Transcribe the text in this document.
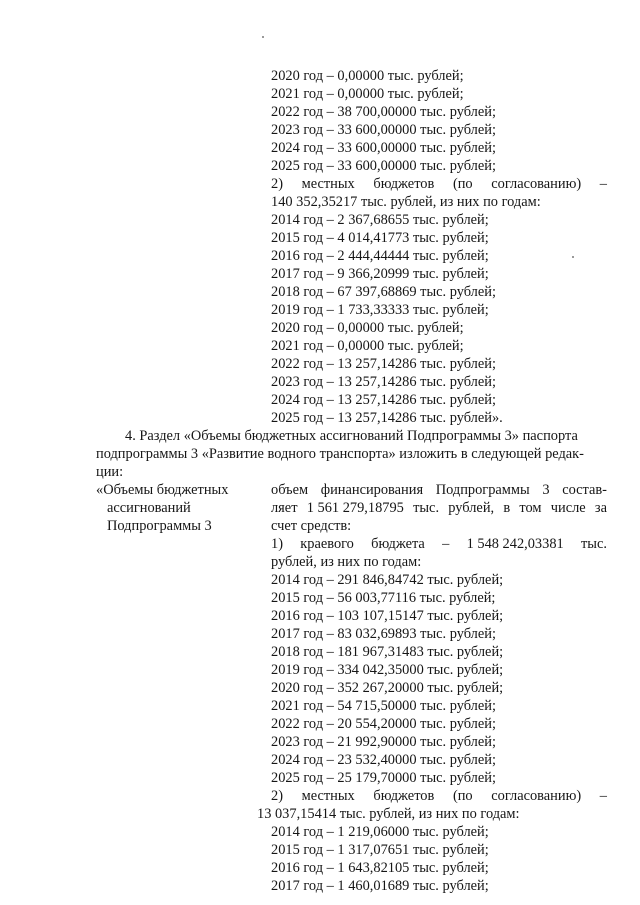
2020 год – 0,00000 тыс. рублей;
2021 год – 0,00000 тыс. рублей;
2022 год – 38 700,00000 тыс. рублей;
2023 год – 33 600,00000 тыс. рублей;
2024 год – 33 600,00000 тыс. рублей;
2025 год – 33 600,00000 тыс. рублей;
2) местных бюджетов (по согласованию) –
140 352,35217 тыс. рублей, из них по годам:
2014 год – 2 367,68655 тыс. рублей;
2015 год – 4 014,41773 тыс. рублей;
2016 год – 2 444,44444 тыс. рублей;
2017 год – 9 366,20999 тыс. рублей;
2018 год – 67 397,68869 тыс. рублей;
2019 год – 1 733,33333 тыс. рублей;
2020 год – 0,00000 тыс. рублей;
2021 год – 0,00000 тыс. рублей;
2022 год – 13 257,14286 тыс. рублей;
2023 год – 13 257,14286 тыс. рублей;
2024 год – 13 257,14286 тыс. рублей;
2025 год – 13 257,14286 тыс. рублей».
4. Раздел «Объемы бюджетных ассигнований Подпрограммы 3» паспорта
подпрограммы 3 «Развитие водного транспорта» изложить в следующей редак-
ции:
«Объемы бюджетных
ассигнований
Подпрограммы 3
объем финансирования Подпрограммы 3 состав-
ляет 1 561 279,18795 тыс. рублей, в том числе за
счет средств:
1) краевого бюджета – 1 548 242,03381 тыс.
рублей, из них по годам:
2014 год – 291 846,84742 тыс. рублей;
2015 год – 56 003,77116 тыс. рублей;
2016 год – 103 107,15147 тыс. рублей;
2017 год – 83 032,69893 тыс. рублей;
2018 год – 181 967,31483 тыс. рублей;
2019 год – 334 042,35000 тыс. рублей;
2020 год – 352 267,20000 тыс. рублей;
2021 год – 54 715,50000 тыс. рублей;
2022 год – 20 554,20000 тыс. рублей;
2023 год – 21 992,90000 тыс. рублей;
2024 год – 23 532,40000 тыс. рублей;
2025 год – 25 179,70000 тыс. рублей;
2) местных бюджетов (по согласованию) –
13 037,15414 тыс. рублей, из них по годам:
2014 год – 1 219,06000 тыс. рублей;
2015 год – 1 317,07651 тыс. рублей;
2016 год – 1 643,82105 тыс. рублей;
2017 год – 1 460,01689 тыс. рублей;
